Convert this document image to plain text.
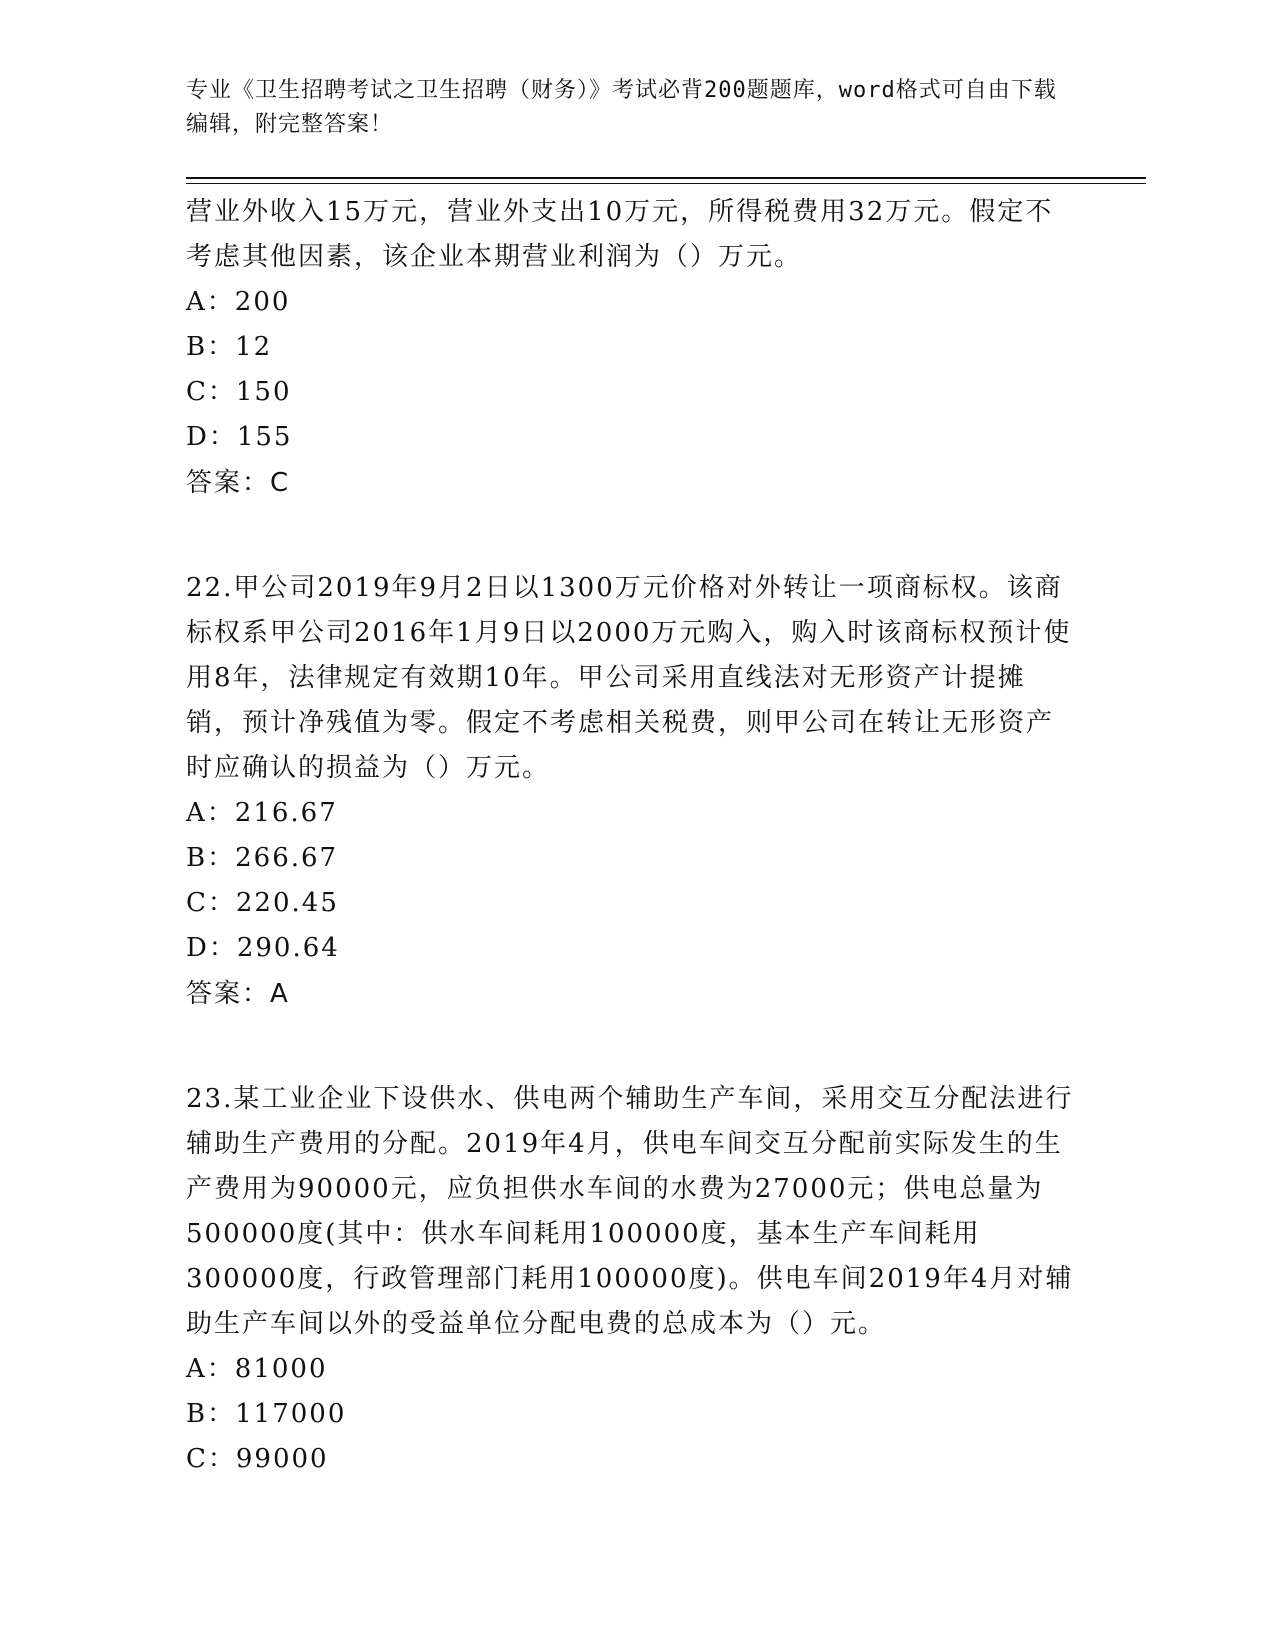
专业《卫生招聘考试之卫生招聘（财务）》考试必背200题题库，word格式可自由下载编辑，附完整答案！

营业外收入15万元，营业外支出10万元，所得税费用32万元。假定不考虑其他因素，该企业本期营业利润为（）万元。

A：200

B：12

C：150

D：155

答案：C

22.甲公司2019年9月2日以1300万元价格对外转让一项商标权。该商标权系甲公司2016年1月9日以2000万元购入，购入时该商标权预计使用8年，法律规定有效期10年。甲公司采用直线法对无形资产计提摊销，预计净残值为零。假定不考虑相关税费，则甲公司在转让无形资产时应确认的损益为（）万元。

A：216.67

B：266.67

C：220.45

D：290.64

答案：A

23.某工业企业下设供水、供电两个辅助生产车间，采用交互分配法进行辅助生产费用的分配。2019年4月，供电车间交互分配前实际发生的生产费用为90000元，应负担供水车间的水费为27000元；供电总量为500000度(其中：供水车间耗用100000度，基本生产车间耗用300000度，行政管理部门耗用100000度)。供电车间2019年4月对辅助生产车间以外的受益单位分配电费的总成本为（）元。

A：81000

B：117000

C：99000
